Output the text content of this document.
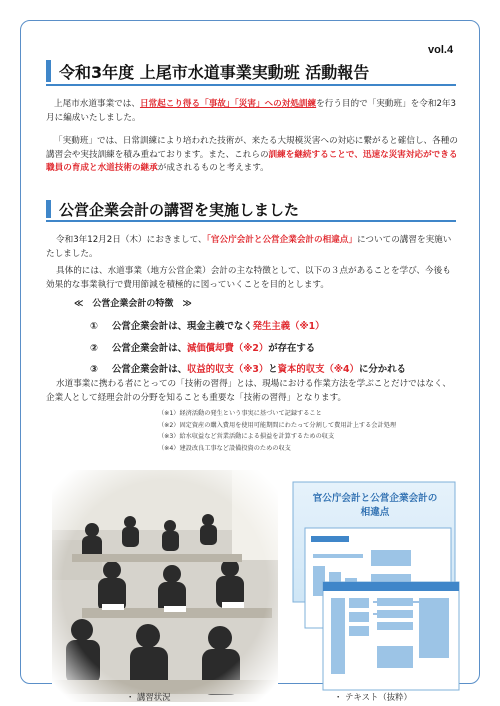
vol.4
令和3年度 上尾市水道事業実動班 活動報告
上尾市水道事業では、日常起こり得る「事故」「災害」への対処訓練を行う目的で「実動班」を令和2年3月に編成いたしました。
「実動班」では、日常訓練により培われた技術が、来たる大規模災害への対応に繋がると確信し、各種の講習会や実技訓練を積み重ねております。また、これらの訓練を継続することで、迅速な災害対応ができる職員の育成と水道技術の継承が成されるものと考えます。
公営企業会計の講習を実施しました
令和3年12月2日（木）におきまして、「官公庁会計と公営企業会計の相違点」についての講習を実施いたしました。
具体的には、水道事業（地方公営企業）会計の主な特徴として、以下の３点があることを学び、今後も効果的な事業執行で費用節減を積極的に図っていくことを目的とします。
≪　公営企業会計の特徴　≫
① 公営企業会計は、現金主義でなく発生主義（※1）
② 公営企業会計は、減価償却費（※2）が存在する
③ 公営企業会計は、収益的収支（※3）と資本的収支（※4）に分かれる
水道事業に携わる者にとっての「技術の習得」とは、現場における作業方法を学ぶことだけではなく、企業人として経理会計の分野を知ることも重要な「技術の習得」となります。
（※1）経済活動の発生という事実に基づいて記録すること
（※2）固定資産の購入費用を使用可能期間にわたって分割して費用計上する会計処理
（※3）給水収益など営業活動による損益を計算するための収支
（※4）建設改良工事など設備投資のための収支
官公庁会計と公営企業会計の
相違点
・ 講習状況	・ テキスト（抜粋）
